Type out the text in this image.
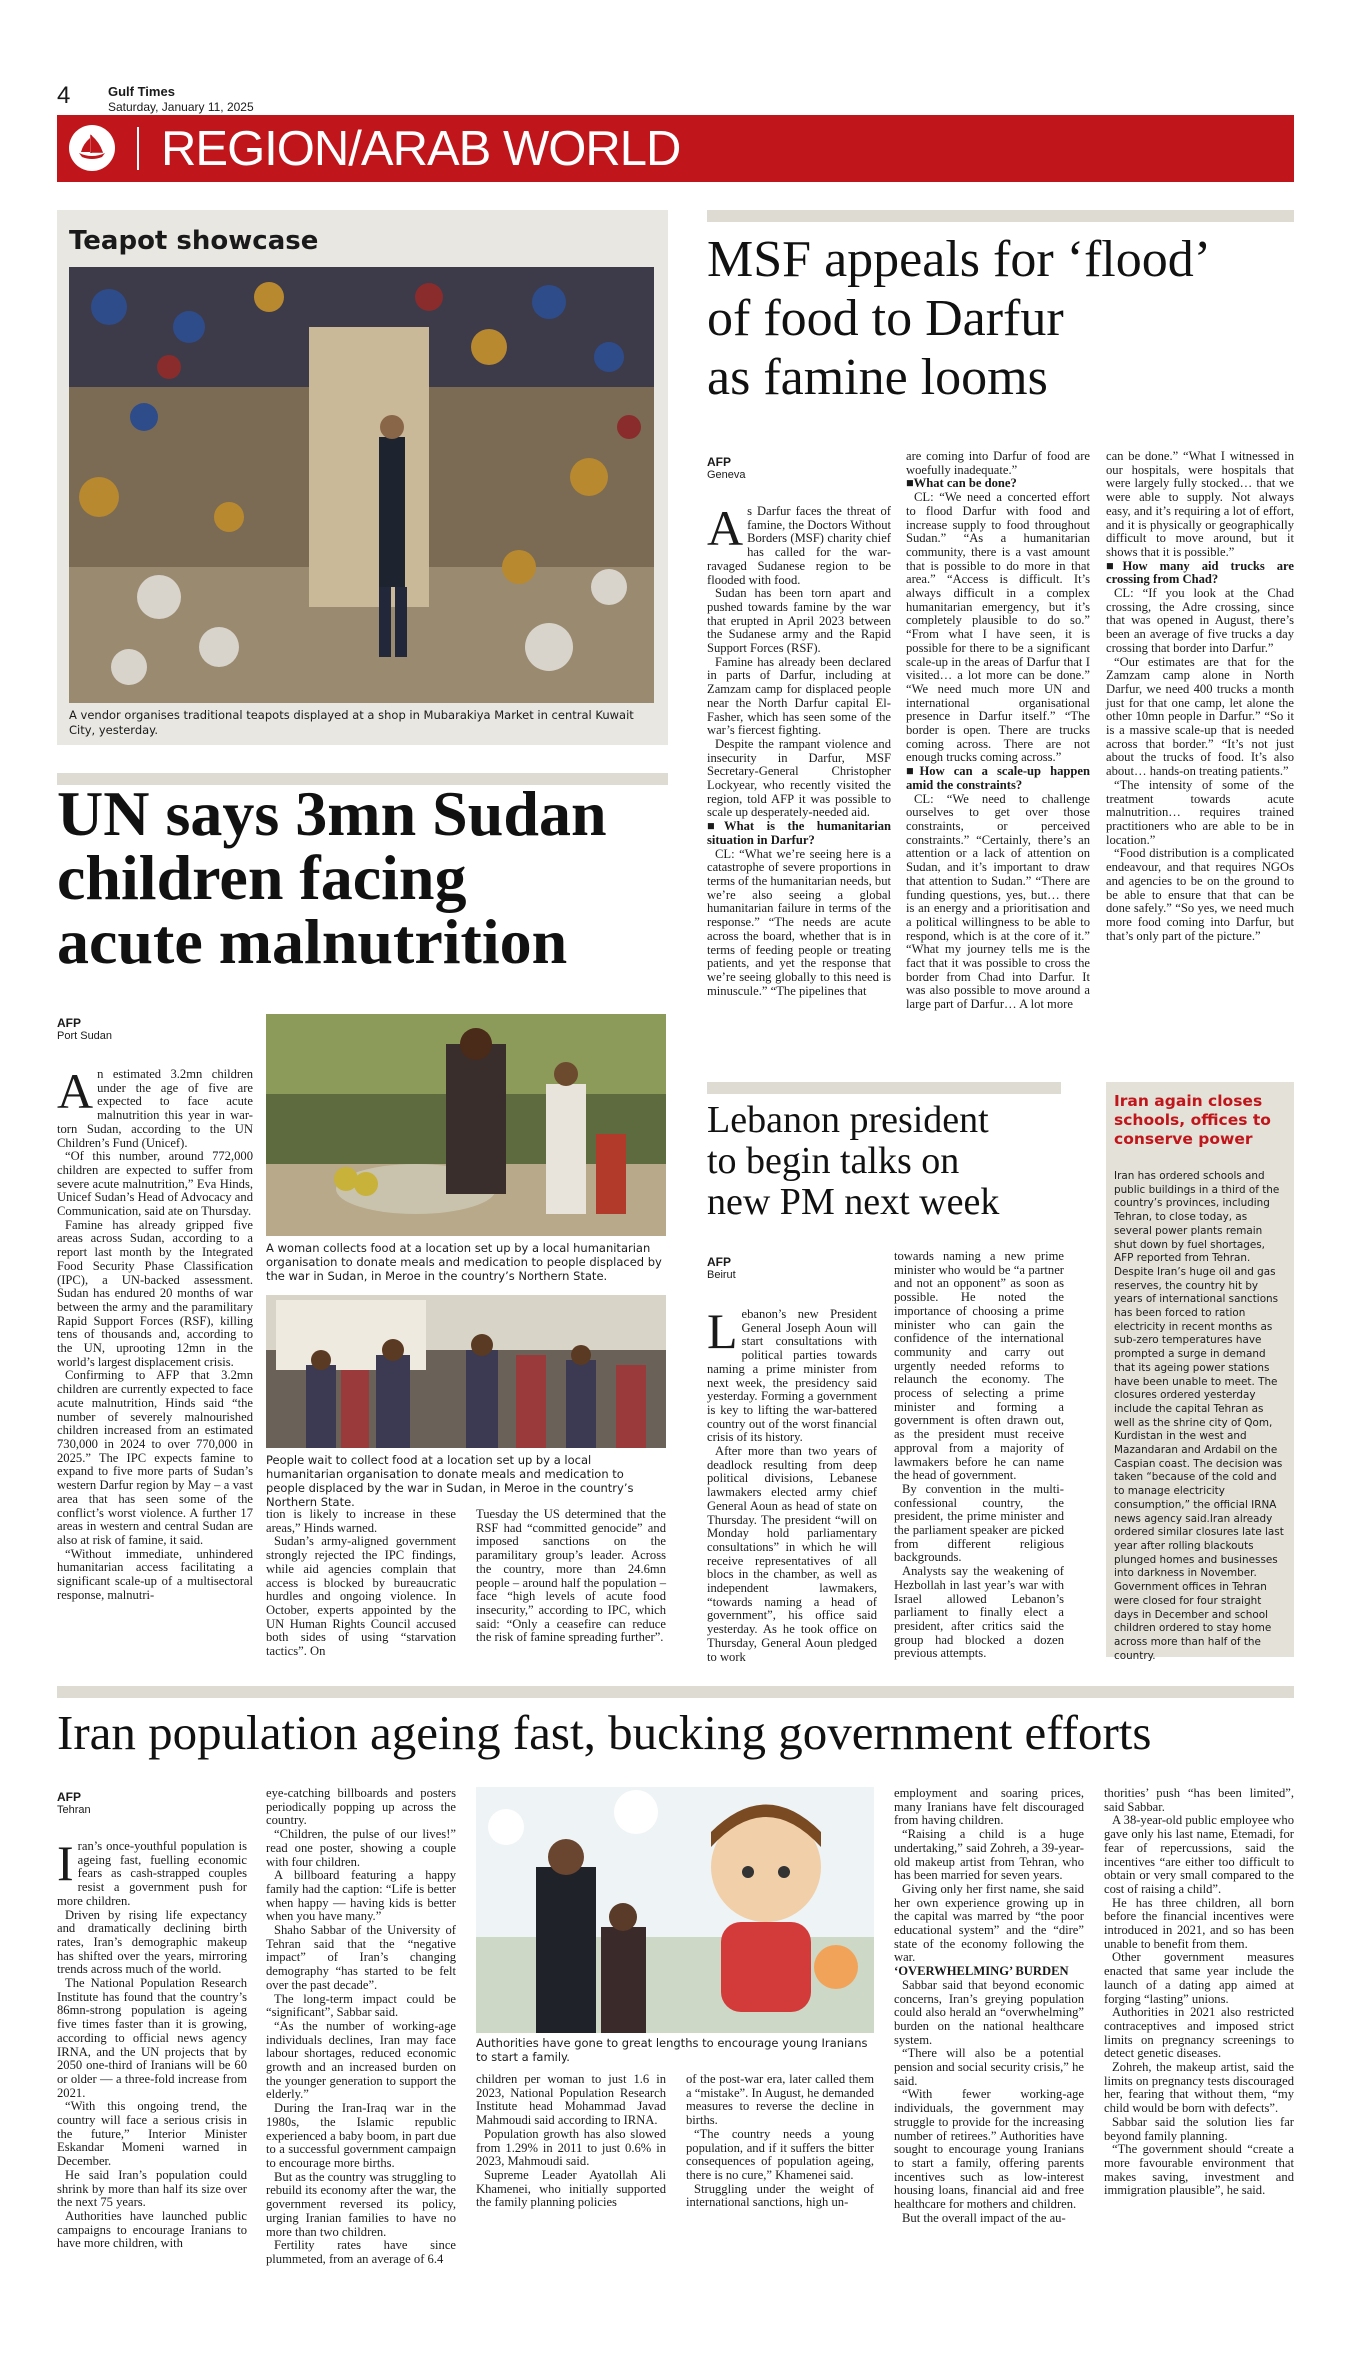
4	Gulf Times
Saturday, January 11, 2025
REGION/ARAB WORLD
Teapot showcase
A vendor organises traditional teapots displayed at a shop in Mubarakiya Market in central Kuwait City, yesterday.
MSF appeals for ‘flood’
of food to Darfur
as famine looms
AFP
Geneva

As Darfur faces the threat of famine, the Doctors Without Borders (MSF) charity chief has called for the war-ravaged Sudanese region to be flooded with food.

Sudan has been torn apart and pushed towards famine by the war that erupted in April 2023 between the Sudanese army and the Rapid Support Forces (RSF).

Famine has already been declared in parts of Darfur, including at Zamzam camp for displaced people near the North Darfur capital El-Fasher, which has seen some of the war’s fiercest fighting.

Despite the rampant violence and insecurity in Darfur, MSF Secretary-General Christopher Lockyear, who recently visited the region, told AFP it was possible to scale up desperately-needed aid.

■What is the humanitarian situation in Darfur?

CL: “What we’re seeing here is a catastrophe of severe proportions in terms of the humanitarian needs, but we’re also seeing a global humanitarian failure in terms of the response.” “The needs are acute across the board, whether that is in terms of feeding people or treating patients, and yet the response that we’re seeing globally to this need is minuscule.” “The pipelines that

are coming into Darfur of food are woefully inadequate.”

■What can be done?

CL: “We need a concerted effort to flood Darfur with food and increase supply to food throughout Sudan.” “As a humanitarian community, there is a vast amount that is possible to do more in that area.” “Access is difficult. It’s always difficult in a complex humanitarian emergency, but it’s completely plausible to do so.” “From what I have seen, it is possible for there to be a significant scale-up in the areas of Darfur that I visited… a lot more can be done.” “We need much more UN and international organisational presence in Darfur itself.” “The border is open. There are trucks coming across. There are not enough trucks coming across.”

■How can a scale-up happen amid the constraints?

CL: “We need to challenge ourselves to get over those constraints, or perceived constraints.” “Certainly, there’s an attention or a lack of attention on Sudan, and it’s important to draw that attention to Sudan.” “There are funding questions, yes, but… there is an energy and a prioritisation and a political willingness to be able to respond, which is at the core of it.” “What my journey tells me is the fact that it was possible to cross the border from Chad into Darfur. It was also possible to move around a large part of Darfur… A lot more

can be done.” “What I witnessed in our hospitals, were hospitals that were largely fully stocked… that we were able to supply. Not always easy, and it’s requiring a lot of effort, and it is physically or geographically difficult to move around, but it shows that it is possible.”

■How many aid trucks are crossing from Chad?

CL: “If you look at the Chad crossing, the Adre crossing, since that was opened in August, there’s been an average of five trucks a day crossing that border into Darfur.”

“Our estimates are that for the Zamzam camp alone in North Darfur, we need 400 trucks a month just for that one camp, let alone the other 10mn people in Darfur.” “So it is a massive scale-up that is needed across that border.” “It’s not just about the trucks of food. It’s also about… hands-on treating patients.”

“The intensity of some of the treatment towards acute malnutrition… requires trained practitioners who are able to be in location.”

“Food distribution is a complicated endeavour, and that requires NGOs and agencies to be on the ground to be able to ensure that that can be done safely.” “So yes, we need much more food coming into Darfur, but that’s only part of the picture.”

UN says 3mn Sudan
children facing
acute malnutrition
AFP
Port Sudan

An estimated 3.2mn children under the age of five are expected to face acute malnutrition this year in war-torn Sudan, according to the UN Children’s Fund (Unicef).

“Of this number, around 772,000 children are expected to suffer from severe acute malnutrition,” Eva Hinds, Unicef Sudan’s Head of Advocacy and Communication, said ate on Thursday.

Famine has already gripped five areas across Sudan, according to a report last month by the Integrated Food Security Phase Classification (IPC), a UN-backed assessment. Sudan has endured 20 months of war between the army and the paramilitary Rapid Support Forces (RSF), killing tens of thousands and, according to the UN, uprooting 12mn in the world’s largest displacement crisis.

Confirming to AFP that 3.2mn children are currently expected to face acute malnutrition, Hinds said “the number of severely malnourished children increased from an estimated 730,000 in 2024 to over 770,000 in 2025.” The IPC expects famine to expand to five more parts of Sudan’s western Darfur region by May – a vast area that has seen some of the conflict’s worst violence. A further 17 areas in western and central Sudan are also at risk of famine, it said.

“Without immediate, unhindered humanitarian access facilitating a significant scale-up of a multisectoral response, malnutri-

A woman collects food at a location set up by a local humanitarian organisation to donate meals and medication to people displaced by the war in Sudan, in Meroe in the country’s Northern State.
People wait to collect food at a location set up by a local humanitarian organisation to donate meals and medication to people displaced by the war in Sudan, in Meroe in the country’s Northern State.

tion is likely to increase in these areas,” Hinds warned.

Sudan’s army-aligned government strongly rejected the IPC findings, while aid agencies complain that access is blocked by bureaucratic hurdles and ongoing violence. In October, experts appointed by the UN Human Rights Council accused both sides of using “starvation tactics”. On

Tuesday the US determined that the RSF had “committed genocide” and imposed sanctions on the paramilitary group’s leader. Across the country, more than 24.6mn people – around half the population – face “high levels of acute food insecurity,” according to IPC, which said: “Only a ceasefire can reduce the risk of famine spreading further”.

Lebanon president
to begin talks on
new PM next week
AFP
Beirut

Lebanon’s new President General Joseph Aoun will start consultations with political parties towards naming a prime minister from next week, the presidency said yesterday. Forming a government is key to lifting the war-battered country out of the worst financial crisis of its history.

After more than two years of deadlock resulting from deep political divisions, Lebanese lawmakers elected army chief General Aoun as head of state on Thursday. The president “will on Monday hold parliamentary consultations” in which he will receive representatives of all blocs in the chamber, as well as independent lawmakers, “towards naming a head of government”, his office said yesterday. As he took office on Thursday, General Aoun pledged to work

towards naming a new prime minister who would be “a partner and not an opponent” as soon as possible. He noted the importance of choosing a prime minister who can gain the confidence of the international community and carry out urgently needed reforms to relaunch the economy. The process of selecting a prime minister and forming a government is often drawn out, as the president must receive approval from a majority of lawmakers before he can name the head of government.

By convention in the multi-confessional country, the president, the prime minister and the parliament speaker are picked from different religious backgrounds.

Analysts say the weakening of Hezbollah in last year’s war with Israel allowed Lebanon’s parliament to finally elect a president, after critics said the group had blocked a dozen previous attempts.

Iran again closes schools, offices to conserve power
Iran has ordered schools and public buildings in a third of the country’s provinces, including Tehran, to close today, as several power plants remain shut down by fuel shortages, AFP reported from Tehran. Despite Iran’s huge oil and gas reserves, the country hit by years of international sanctions has been forced to ration electricity in recent months as sub-zero temperatures have prompted a surge in demand that its ageing power stations have been unable to meet. The closures ordered yesterday include the capital Tehran as well as the shrine city of Qom, Kurdistan in the west and Mazandaran and Ardabil on the Caspian coast. The decision was taken “because of the cold and to manage electricity consumption,” the official IRNA news agency said.Iran already ordered similar closures late last year after rolling blackouts plunged homes and businesses into darkness in November. Government offices in Tehran were closed for four straight days in December and school children ordered to stay home across more than half of the country.
Iran population ageing fast, bucking government efforts
AFP
Tehran

Iran’s once-youthful population is ageing fast, fuelling economic fears as cash-strapped couples resist a government push for more children.

Driven by rising life expectancy and dramatically declining birth rates, Iran’s demographic makeup has shifted over the years, mirroring trends across much of the world.

The National Population Research Institute has found that the country’s 86mn-strong population is ageing five times faster than it is growing, according to official news agency IRNA, and the UN projects that by 2050 one-third of Iranians will be 60 or older — a three-fold increase from 2021.

“With this ongoing trend, the country will face a serious crisis in the future,” Interior Minister Eskandar Momeni warned in December.

He said Iran’s population could shrink by more than half its size over the next 75 years.

Authorities have launched public campaigns to encourage Iranians to have more children, with

eye-catching billboards and posters periodically popping up across the country.

“Children, the pulse of our lives!” read one poster, showing a couple with four children.

A billboard featuring a happy family had the caption: “Life is better when happy — having kids is better when you have many.”

Shaho Sabbar of the University of Tehran said that the “negative impact” of Iran’s changing demography “has started to be felt over the past decade”.

The long-term impact could be “significant”, Sabbar said.

“As the number of working-age individuals declines, Iran may face labour shortages, reduced economic growth and an increased burden on the younger generation to support the elderly.”

During the Iran-Iraq war in the 1980s, the Islamic republic experienced a baby boom, in part due to a successful government campaign to encourage more births.

But as the country was struggling to rebuild its economy after the war, the government reversed its policy, urging Iranian families to have no more than two children.

Fertility rates have since plummeted, from an average of 6.4

Authorities have gone to great lengths to encourage young Iranians to start a family.

children per woman to just 1.6 in 2023, National Population Research Institute head Mohammad Javad Mahmoudi said according to IRNA.

Population growth has also slowed from 1.29% in 2011 to just 0.6% in 2023, Mahmoudi said.

Supreme Leader Ayatollah Ali Khamenei, who initially supported the family planning policies

of the post-war era, later called them a “mistake”. In August, he demanded measures to reverse the decline in births.

“The country needs a young population, and if it suffers the bitter consequences of population ageing, there is no cure,” Khamenei said.

Struggling under the weight of international sanctions, high un-

employment and soaring prices, many Iranians have felt discouraged from having children.

“Raising a child is a huge undertaking,” said Zohreh, a 39-year-old makeup artist from Tehran, who has been married for seven years.

Giving only her first name, she said her own experience growing up in the capital was marred by “the poor educational system” and the “dire” state of the economy following the war.

‘OVERWHELMING’ BURDEN

Sabbar said that beyond economic concerns, Iran’s greying population could also herald an “overwhelming” burden on the national healthcare system.

“There will also be a potential pension and social security crisis,” he said.

“With fewer working-age individuals, the government may struggle to provide for the increasing number of retirees.” Authorities have sought to encourage young Iranians to start a family, offering parents incentives such as low-interest housing loans, financial aid and free healthcare for mothers and children.

But the overall impact of the au-

thorities’ push “has been limited”, said Sabbar.

A 38-year-old public employee who gave only his last name, Etemadi, for fear of repercussions, said the incentives “are either too difficult to obtain or very small compared to the cost of raising a child”.

He has three children, all born before the financial incentives were introduced in 2021, and so has been unable to benefit from them.

Other government measures enacted that same year include the launch of a dating app aimed at forging “lasting” unions.

Authorities in 2021 also restricted contraceptives and imposed strict limits on pregnancy screenings to detect genetic diseases.

Zohreh, the makeup artist, said the limits on pregnancy tests discouraged her, fearing that without them, “my child would be born with defects”.

Sabbar said the solution lies far beyond family planning.

“The government should “create a more favourable environment that makes saving, investment and immigration plausible”, he said.
